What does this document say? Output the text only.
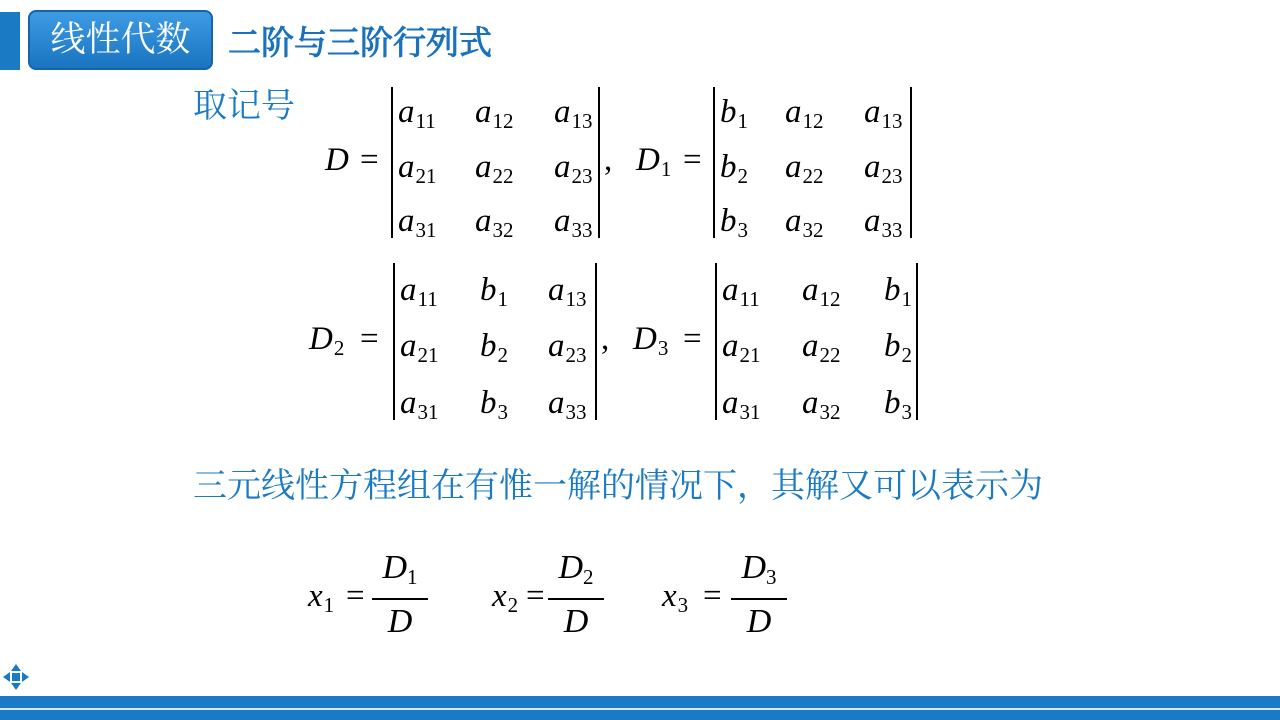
线性代数	二阶与三阶行列式
取记号
D =
$a_{11}$ $a_{12}$ $a_{13}$
$a_{21}$ $a_{22}$ $a_{23}$
$a_{31}$ $a_{32}$ $a_{33}$
, $D_1$ =
$b_1$ $a_{12}$ $a_{13}$
$b_2$ $a_{22}$ $a_{23}$
$b_3$ $a_{32}$ $a_{33}$
$D_2$ =
$a_{11}$ $b_1$ $a_{13}$
$a_{21}$ $b_2$ $a_{23}$
$a_{31}$ $b_3$ $a_{33}$
, $D_3$ =
$a_{11}$ $a_{12}$ $b_1$
$a_{21}$ $a_{22}$ $b_2$
$a_{31}$ $a_{32}$ $b_3$
三元线性方程组在有惟一解的情况下，其解又可以表示为
$x_1$ =
$D_1$
D
$x_2$ =
$D_2$
D
$x_3$ =
$D_3$
D
